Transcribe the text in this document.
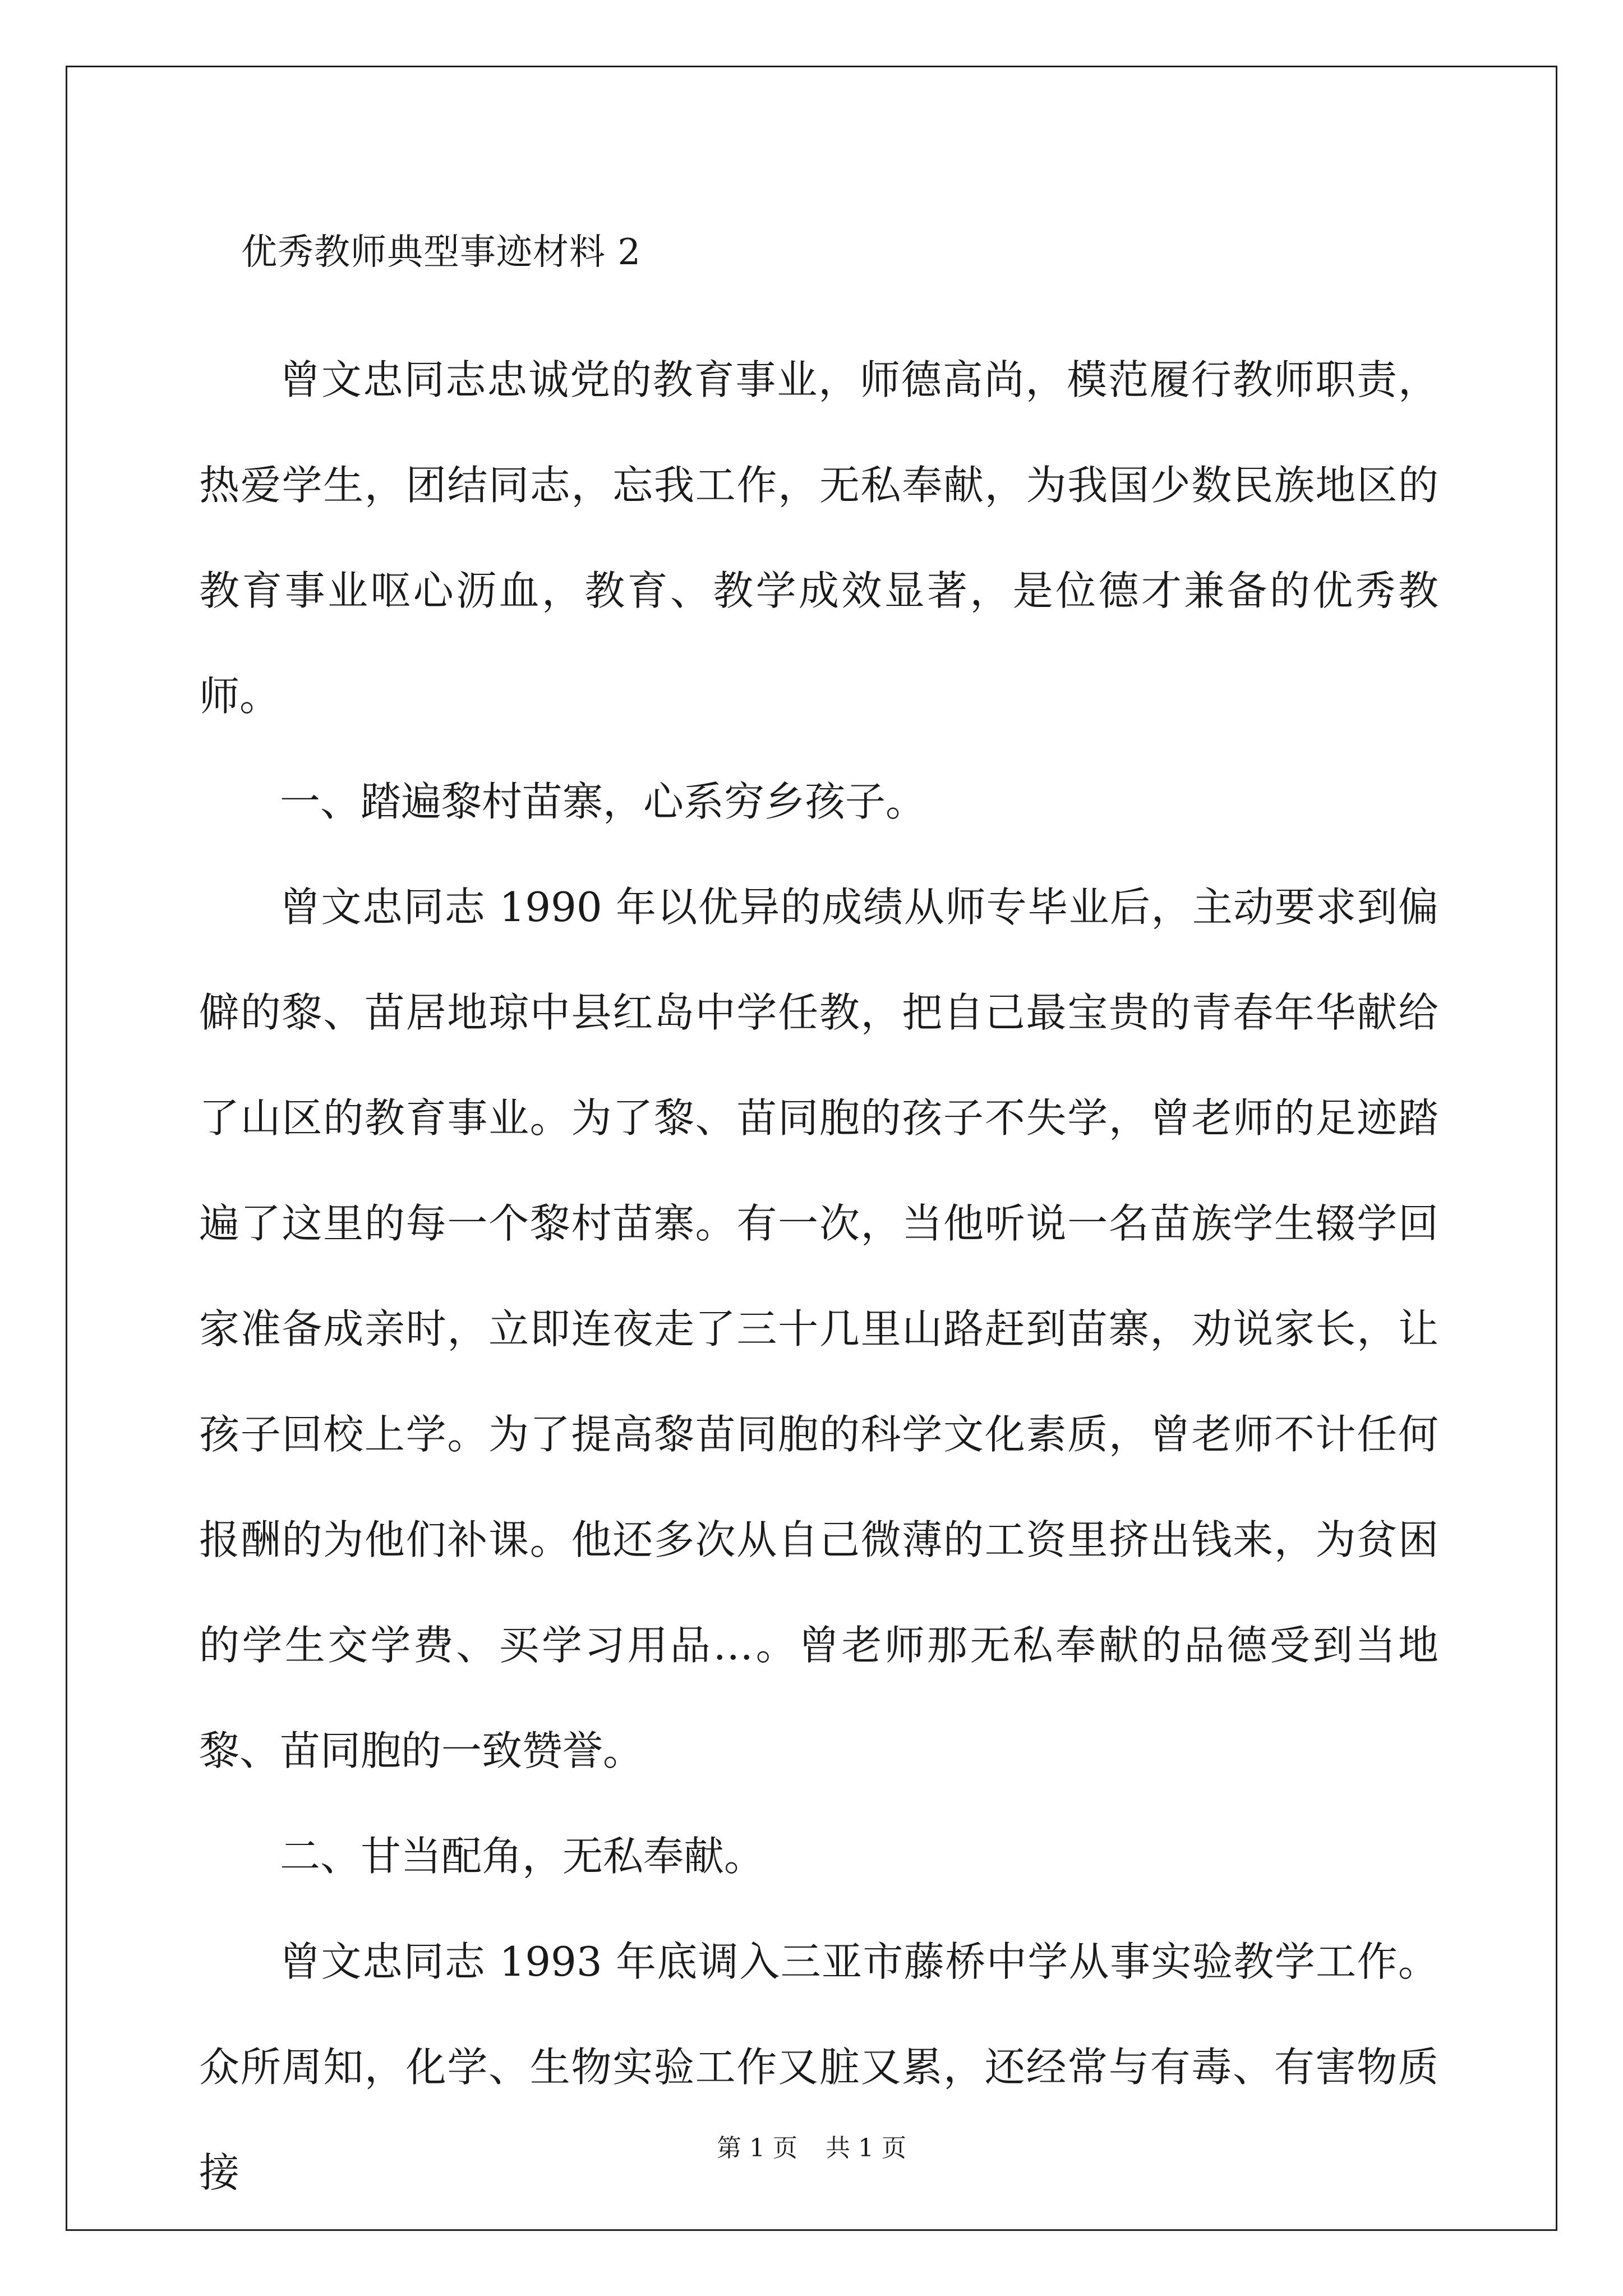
优秀教师典型事迹材料 2

曾文忠同志忠诚党的教育事业，师德高尚，模范履行教师职责，热爱学生，团结同志，忘我工作，无私奉献，为我国少数民族地区的教育事业呕心沥血，教育、教学成效显著，是位德才兼备的优秀教师。

一、踏遍黎村苗寨，心系穷乡孩子。

曾文忠同志 1990 年以优异的成绩从师专毕业后，主动要求到偏僻的黎、苗居地琼中县红岛中学任教，把自己最宝贵的青春年华献给了山区的教育事业。为了黎、苗同胞的孩子不失学，曾老师的足迹踏遍了这里的每一个黎村苗寨。有一次，当他听说一名苗族学生辍学回家准备成亲时，立即连夜走了三十几里山路赶到苗寨，劝说家长，让孩子回校上学。为了提高黎苗同胞的科学文化素质，曾老师不计任何报酬的为他们补课。他还多次从自己微薄的工资里挤出钱来，为贫困的学生交学费、买学习用品…。曾老师那无私奉献的品德受到当地黎、苗同胞的一致赞誉。

二、甘当配角，无私奉献。

曾文忠同志 1993 年底调入三亚市藤桥中学从事实验教学工作。众所周知，化学、生物实验工作又脏又累，还经常与有毒、有害物质接

第 1 页 共 1 页
